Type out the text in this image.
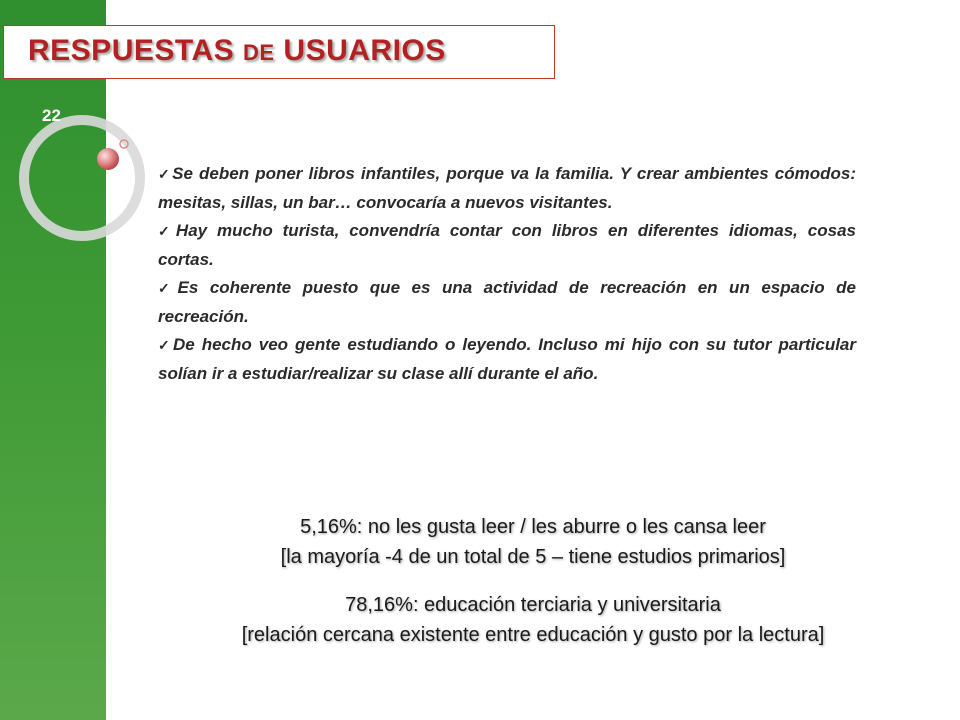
RESPUESTAS DE USUARIOS
22
✓Se deben poner libros infantiles, porque va la familia. Y crear ambientes cómodos: mesitas, sillas, un bar… convocaría a nuevos visitantes.
✓Hay mucho turista, convendría contar con libros en diferentes idiomas, cosas cortas.
✓Es coherente puesto que es una actividad de recreación en un espacio de recreación.
✓De hecho veo gente estudiando o leyendo. Incluso mi hijo con su tutor particular solían ir a estudiar/realizar su clase allí durante el año.

5,16%: no les gusta leer / les aburre o les cansa leer

[la mayoría -4 de un total de 5 – tiene estudios primarios]

78,16%: educación terciaria y universitaria

[relación cercana existente entre educación y gusto por la lectura]
